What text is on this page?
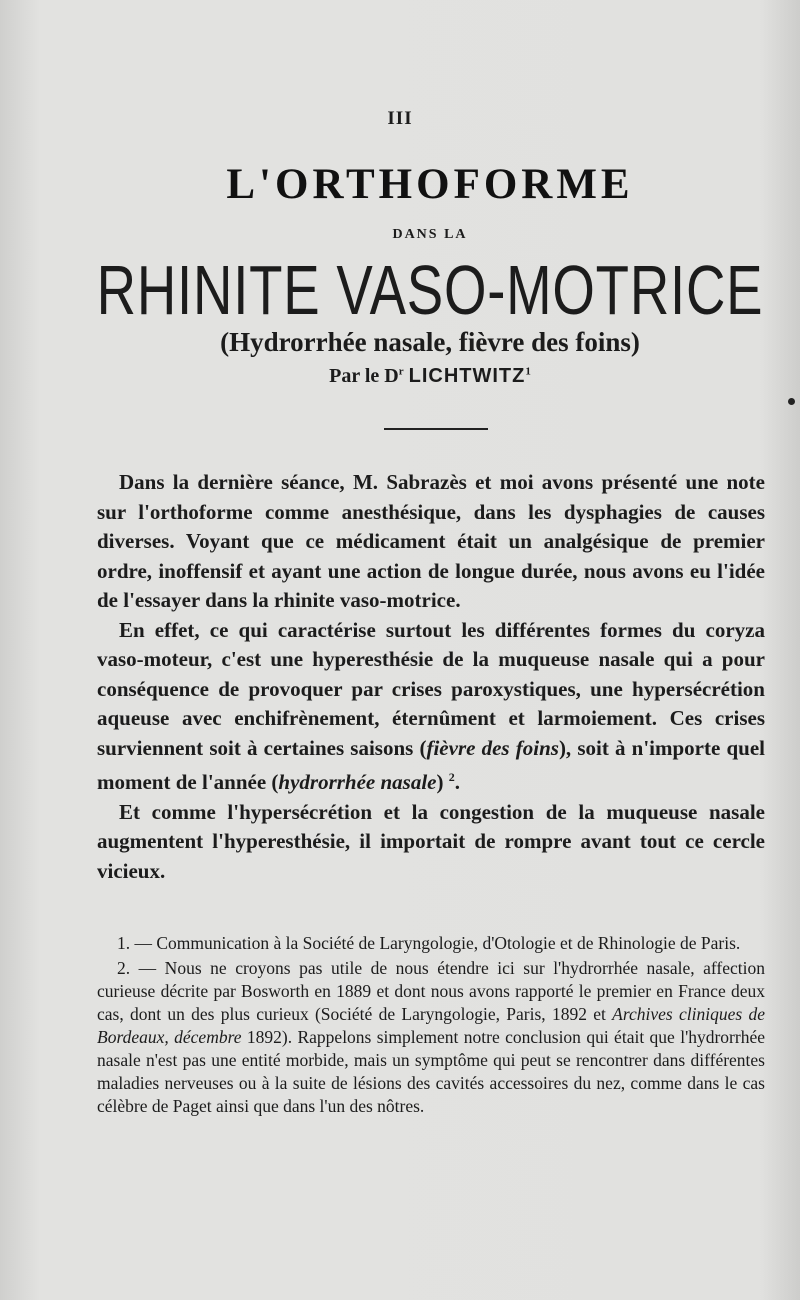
III
L'ORTHOFORME
DANS LA
RHINITE VASO-MOTRICE
(Hydrorrhée nasale, fièvre des foins)
Par le $D^r$ LICHTWITZ$^1$

Dans la dernière séance, M. Sabrazès et moi avons présenté une note sur l'orthoforme comme anesthésique, dans les dysphagies de causes diverses. Voyant que ce médicament était un analgésique de premier ordre, inoffensif et ayant une action de longue durée, nous avons eu l'idée de l'essayer dans la rhinite vaso-motrice.

En effet, ce qui caractérise surtout les différentes formes du coryza vaso-moteur, c'est une hyperesthésie de la muqueuse nasale qui a pour conséquence de provoquer par crises paroxystiques, une hypersécrétion aqueuse avec enchifrènement, éternûment et larmoiement. Ces crises surviennent soit à certaines saisons (fièvre des foins), soit à n'importe quel moment de l'année (hydrorrhée nasale) $^2$.

Et comme l'hypersécrétion et la congestion de la muqueuse nasale augmentent l'hyperesthésie, il importait de rompre avant tout ce cercle vicieux.

1. — Communication à la Société de Laryngologie, d'Otologie et de Rhinologie de Paris.

2. — Nous ne croyons pas utile de nous étendre ici sur l'hydrorrhée nasale, affection curieuse décrite par Bosworth en 1889 et dont nous avons rapporté le premier en France deux cas, dont un des plus curieux (Société de Laryngologie, Paris, 1892 et Archives cliniques de Bordeaux, décembre 1892). Rappelons simplement notre conclusion qui était que l'hydrorrhée nasale n'est pas une entité morbide, mais un symptôme qui peut se rencontrer dans différentes maladies nerveuses ou à la suite de lésions des cavités accessoires du nez, comme dans le cas célèbre de Paget ainsi que dans l'un des nôtres.
